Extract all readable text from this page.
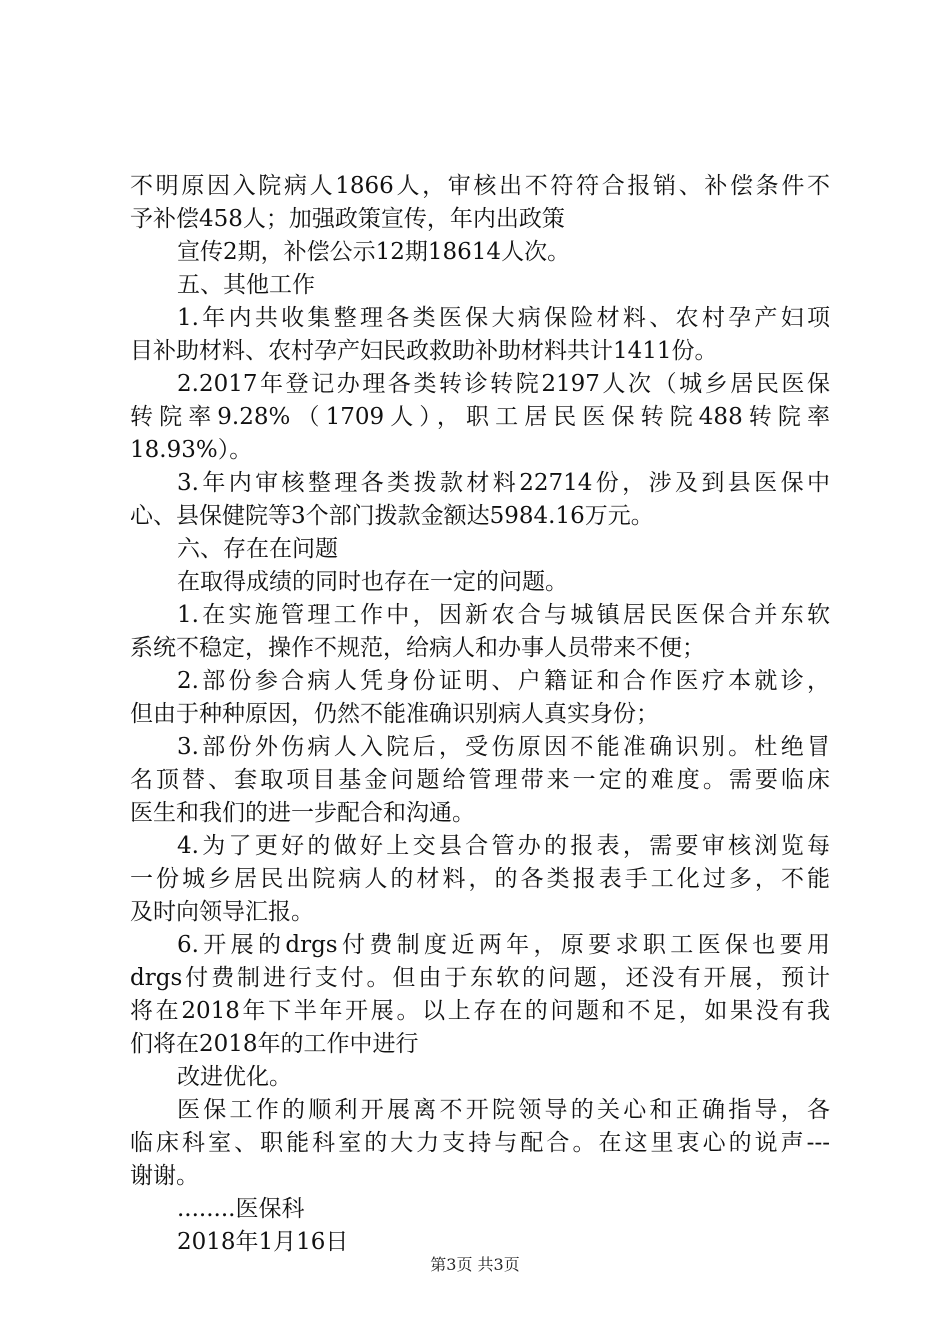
不明原因入院病人1866人，审核出不符符合报销、补偿条件不
予补偿458人；加强政策宣传，年内出政策
宣传2期，补偿公示12期18614人次。
五、其他工作
1.年内共收集整理各类医保大病保险材料、农村孕产妇项
目补助材料、农村孕产妇民政救助补助材料共计1411份。
2.2017年登记办理各类转诊转院2197人次（城乡居民医保
转院率9.28%（1709人），职工居民医保转院488转院率
18.93%）。
3.年内审核整理各类拨款材料22714份，涉及到县医保中
心、县保健院等3个部门拨款金额达5984.16万元。
六、存在在问题
在取得成绩的同时也存在一定的问题。
1.在实施管理工作中，因新农合与城镇居民医保合并东软
系统不稳定，操作不规范，给病人和办事人员带来不便；
2.部份参合病人凭身份证明、户籍证和合作医疗本就诊，
但由于种种原因，仍然不能准确识别病人真实身份；
3.部份外伤病人入院后，受伤原因不能准确识别。杜绝冒
名顶替、套取项目基金问题给管理带来一定的难度。需要临床
医生和我们的进一步配合和沟通。
4.为了更好的做好上交县合管办的报表，需要审核浏览每
一份城乡居民出院病人的材料，的各类报表手工化过多，不能
及时向领导汇报。
6.开展的drgs付费制度近两年，原要求职工医保也要用
drgs付费制进行支付。但由于东软的问题，还没有开展，预计
将在2018年下半年开展。以上存在的问题和不足，如果没有我
们将在2018年的工作中进行
改进优化。
医保工作的顺利开展离不开院领导的关心和正确指导，各
临床科室、职能科室的大力支持与配合。在这里衷心的说声---
谢谢。
........医保科
2018年1月16日
第3页 共3页
